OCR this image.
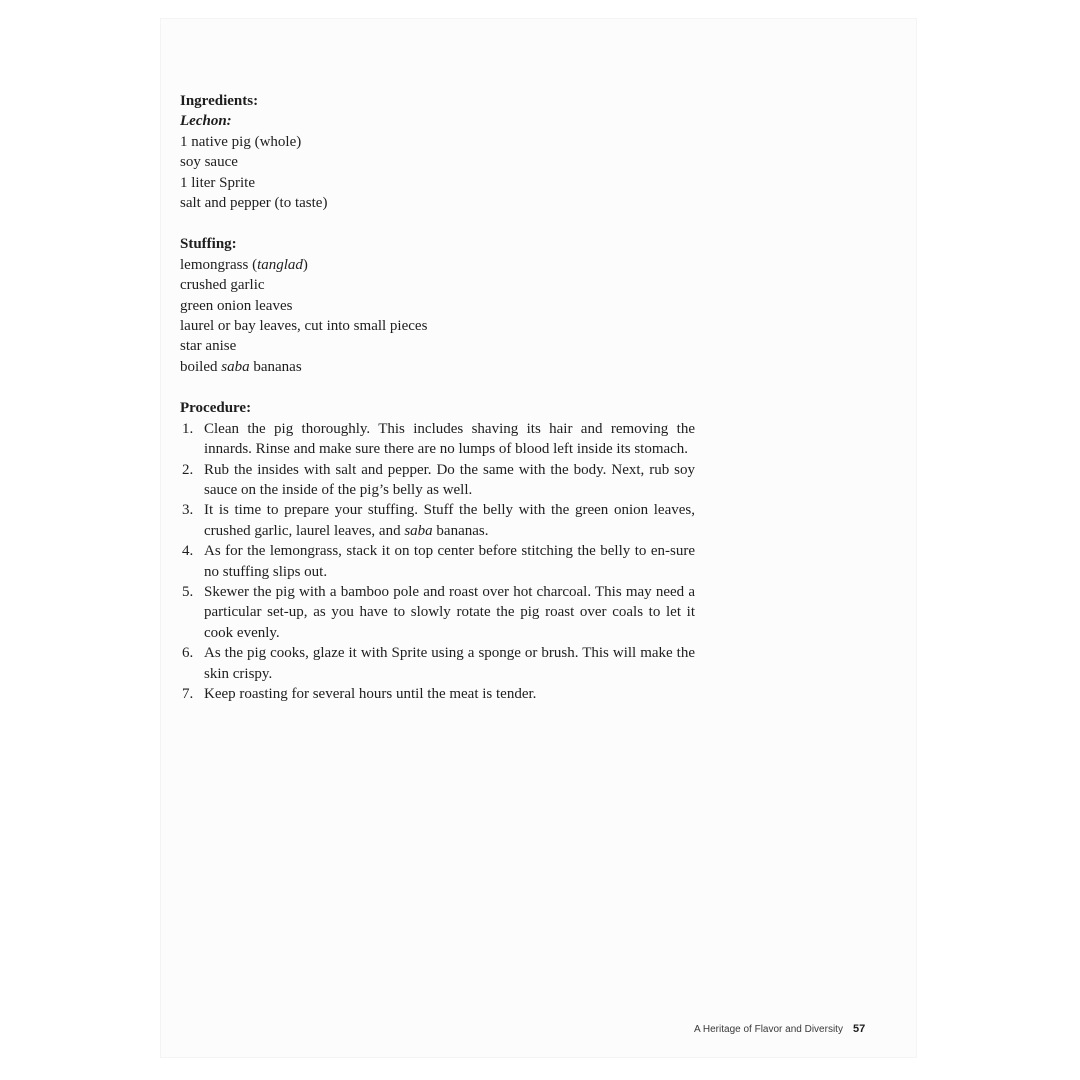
Ingredients:

Lechon:

1 native pig (whole)
soy sauce
1 liter Sprite
salt and pepper (to taste)

Stuffing:

lemongrass (tanglad)
crushed garlic
green onion leaves
laurel or bay leaves, cut into small pieces
star anise
boiled saba bananas

Procedure:

1. Clean the pig thoroughly. This includes shaving its hair and removing the innards. Rinse and make sure there are no lumps of blood left inside its stomach.
2. Rub the insides with salt and pepper. Do the same with the body. Next, rub soy sauce on the inside of the pig’s belly as well.
3. It is time to prepare your stuffing. Stuff the belly with the green onion leaves, crushed garlic, laurel leaves, and saba bananas.
4. As for the lemongrass, stack it on top center before stitching the belly to en-sure no stuffing slips out.
5. Skewer the pig with a bamboo pole and roast over hot charcoal. This may need a particular set-up, as you have to slowly rotate the pig roast over coals to let it cook evenly.
6. As the pig cooks, glaze it with Sprite using a sponge or brush. This will make the skin crispy.
7. Keep roasting for several hours until the meat is tender.
A Heritage of Flavor and Diversity 57
